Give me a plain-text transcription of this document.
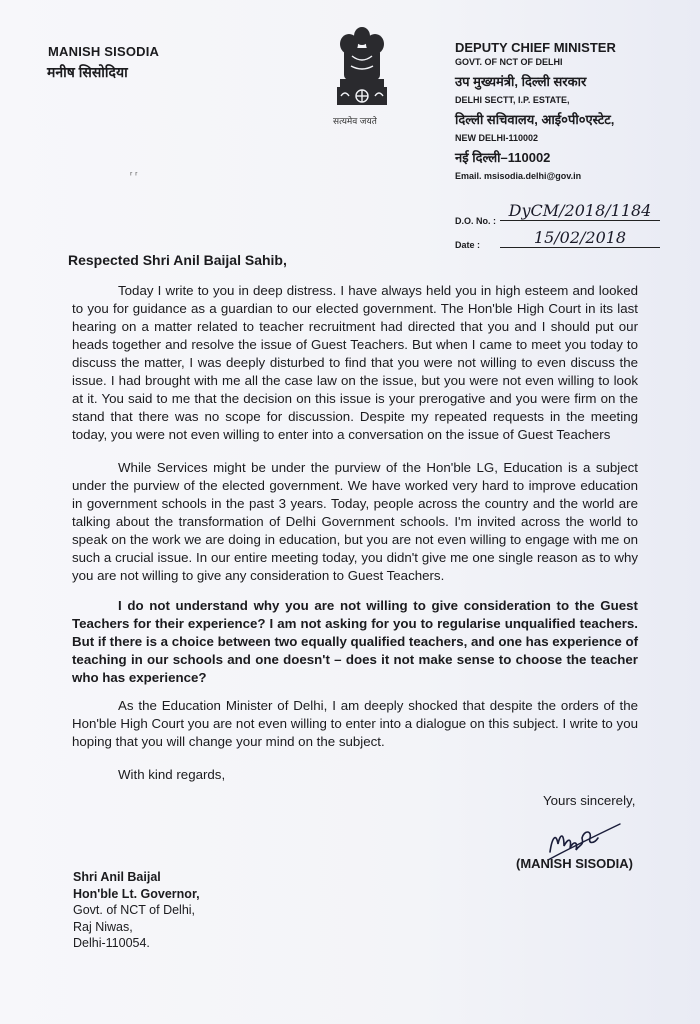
MANISH SISODIA
मनीष सिसोदिया
सत्यमेव जयते
DEPUTY CHIEF MINISTER
GOVT. OF NCT OF DELHI
उप मुख्यमंत्री, दिल्ली सरकार
DELHI SECTT, I.P. ESTATE,
दिल्ली सचिवालय, आई०पी०एस्टेट,
NEW DELHI-110002
नई दिल्ली–110002
Email. msisodia.delhi@gov.in
ᵣ ᵣ
D.O. No. :
DyCM/2018/1184
Date :	15/02/2018
Respected Shri Anil Baijal Sahib,
Today I write to you in deep distress. I have always held you in high esteem and looked to you for guidance as a guardian to our elected government. The Hon'ble High Court in its last hearing on a matter related to teacher recruitment had directed that you and I should put our heads together and resolve the issue of Guest Teachers. But when I came to meet you today to discuss the matter, I was deeply disturbed to find that you were not willing to even discuss the issue. I had brought with me all the case law on the issue, but you were not even willing to look at it. You said to me that the decision on this issue is your prerogative and you were firm on the stand that there was no scope for discussion. Despite my repeated requests in the meeting today, you were not even willing to enter into a conversation on the issue of Guest Teachers
While Services might be under the purview of the Hon'ble LG, Education is a subject under the purview of the elected government. We have worked very hard to improve education in government schools in the past 3 years. Today, people across the country and the world are talking about the transformation of Delhi Government schools. I'm invited across the world to speak on the work we are doing in education, but you are not even willing to engage with me on such a crucial issue. In our entire meeting today, you didn't give me one single reason as to why you are not willing to give any consideration to Guest Teachers.
I do not understand why you are not willing to give consideration to the Guest Teachers for their experience? I am not asking for you to regularise unqualified teachers. But if there is a choice between two equally qualified teachers, and one has experience of teaching in our schools and one doesn't – does it not make sense to choose the teacher who has experience?
As the Education Minister of Delhi, I am deeply shocked that despite the orders of the Hon'ble High Court you are not even willing to enter into a dialogue on this subject. I write to you hoping that you will change your mind on the subject.
With kind regards,
Yours sincerely,
(MANISH SISODIA)
Shri Anil Baijal
Hon'ble Lt. Governor,
Govt. of NCT of Delhi,
Raj Niwas,
Delhi-110054.
